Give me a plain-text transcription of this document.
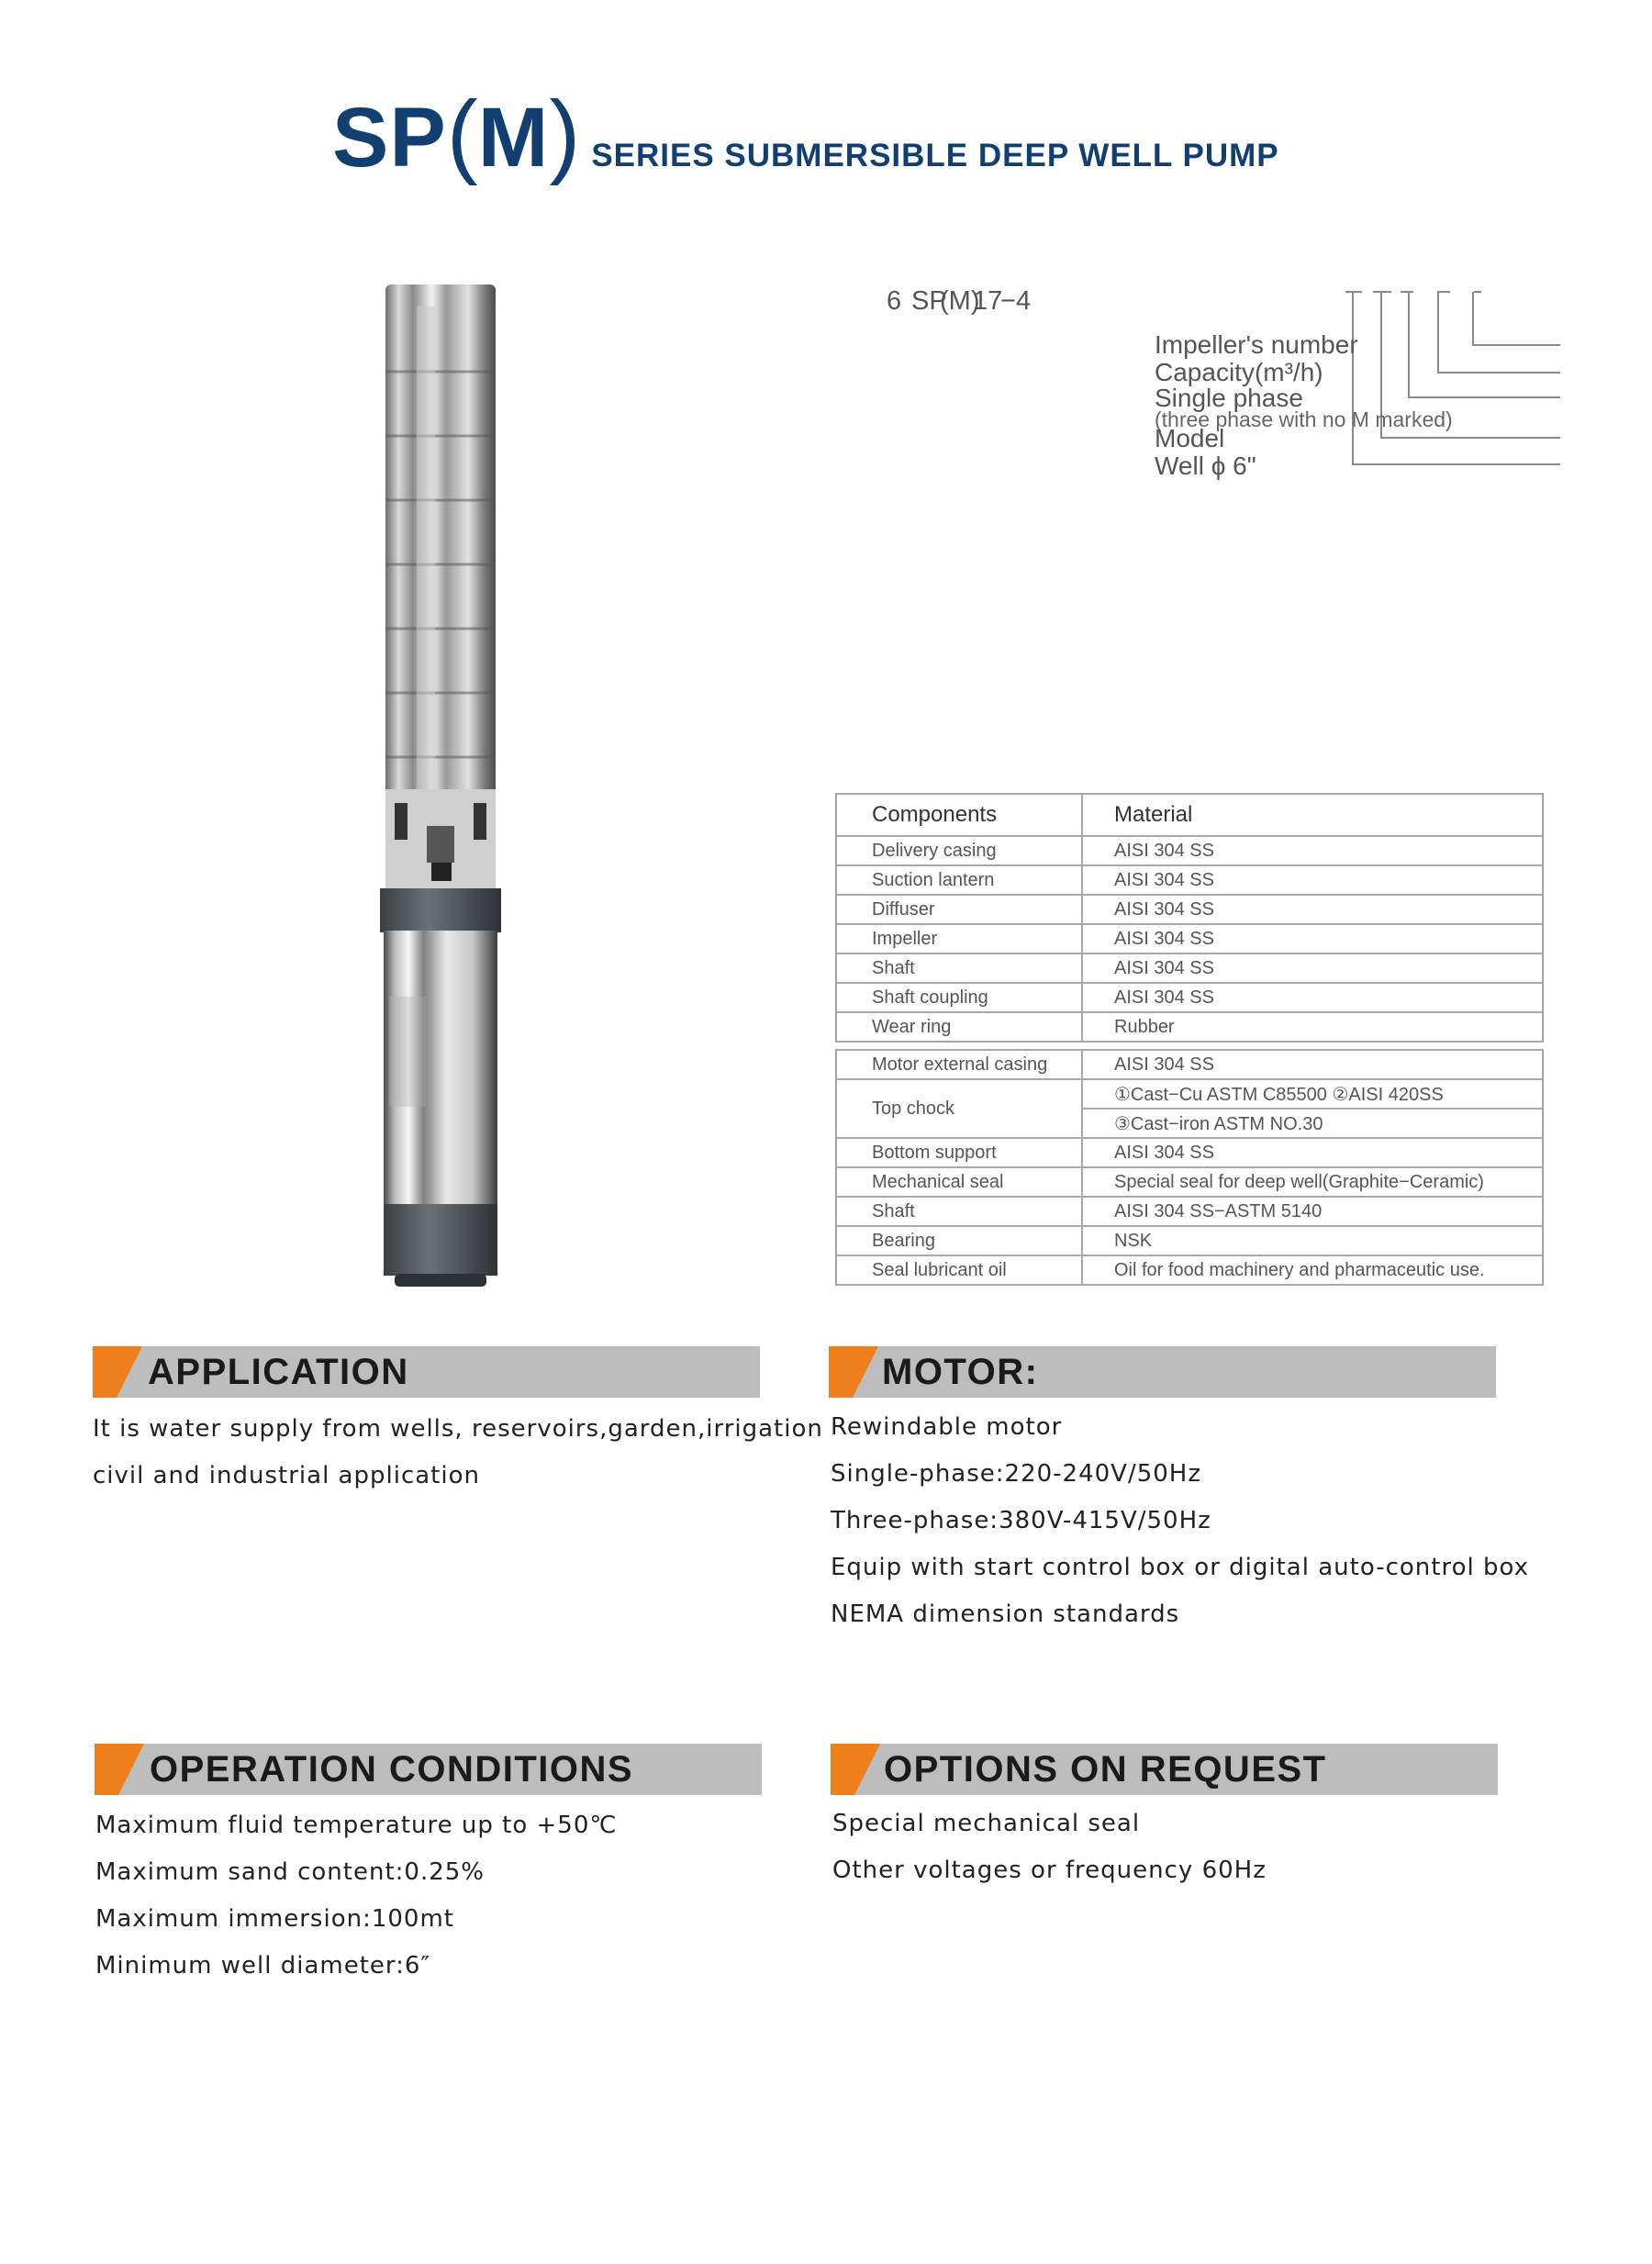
SP(M) SERIES SUBMERSIBLE DEEP WELL PUMP
6 SP
(M)
17
− 4
Impeller's number
Capacity(m³/h)
Single phase
(three phase with no M marked)
Model
Well ϕ 6"
Components	Material
Delivery casing	AISI 304 SS
Suction lantern	AISI 304 SS
Diffuser	AISI 304 SS
Impeller	AISI 304 SS
Shaft	AISI 304 SS
Shaft coupling	AISI 304 SS
Wear ring	Rubber

Motor external casing	AISI 304 SS
Top chock	①Cast−Cu ASTM C85500 ②AISI 420SS
	③Cast−iron ASTM NO.30
Bottom support	AISI 304 SS
Mechanical seal	Special seal for deep well(Graphite−Ceramic)
Shaft	AISI 304 SS−ASTM 5140
Bearing	NSK
Seal lubricant oil	Oil for food machinery and pharmaceutic use.
APPLICATION
It is water supply from wells, reservoirs,garden,irrigation
civil and industrial application
MOTOR:
Rewindable motor
Single-phase:220-240V/50Hz
Three-phase:380V-415V/50Hz
Equip with start control box or digital auto-control box
NEMA dimension standards
OPERATION CONDITIONS
Maximum fluid temperature up to +50℃
Maximum sand content:0.25%
Maximum immersion:100mt
Minimum well diameter:6″
OPTIONS ON REQUEST
Special mechanical seal
Other voltages or frequency 60Hz
